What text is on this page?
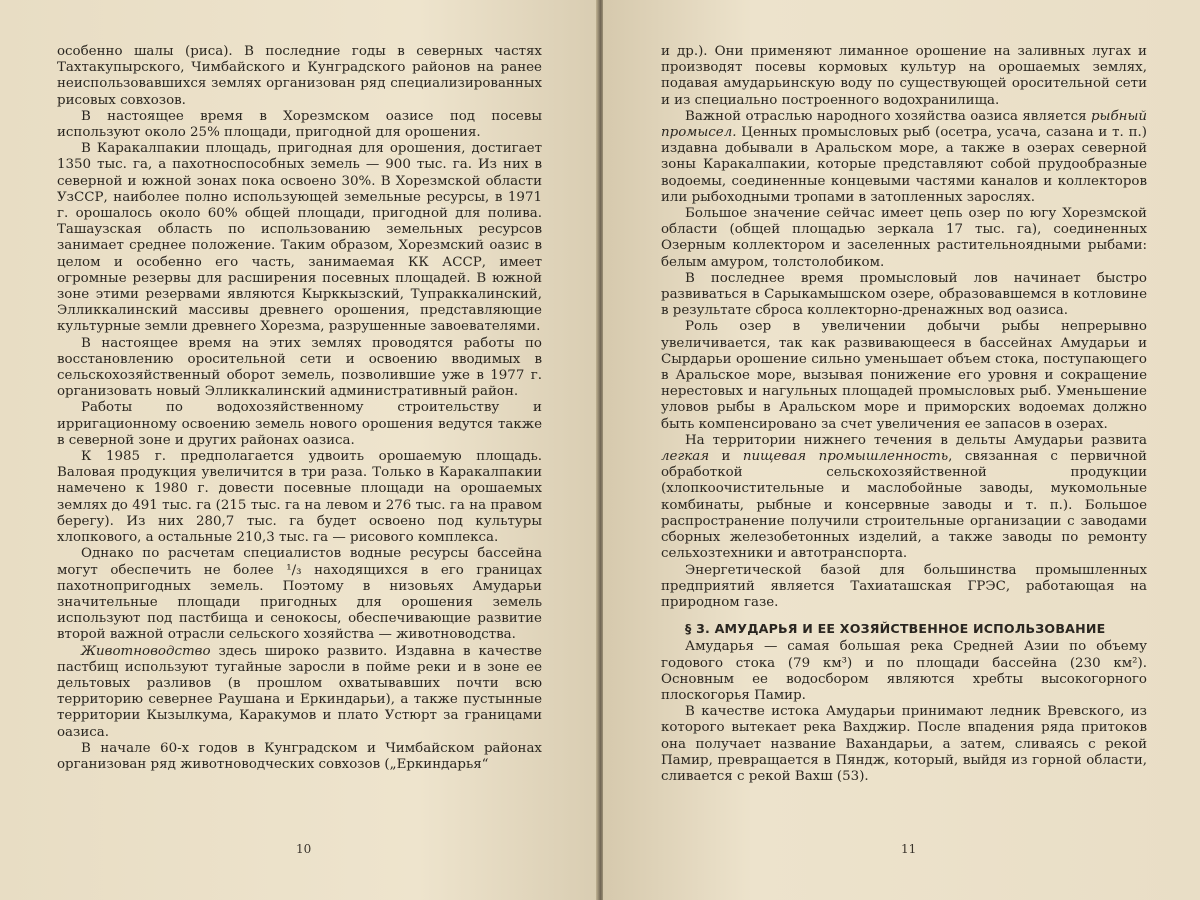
особенно шалы (риса). В последние годы в северных частях Тахтакупырского, Чимбайского и Кунградского районов на ранее неиспользовавшихся землях организован ряд специализированных рисовых совхозов.

В настоящее время в Хорезмском оазисе под посевы используют около 25% площади, пригодной для орошения.

В Каракалпакии площадь, пригодная для орошения, достигает 1350 тыс. га, а пахотноспособных земель — 900 тыс. га. Из них в северной и южной зонах пока освоено 30%. В Хорезмской области УзССР, наиболее полно использующей земельные ресурсы, в 1971 г. орошалось около 60% общей площади, пригодной для полива. Ташаузская область по использованию земельных ресурсов занимает среднее положение. Таким образом, Хорезмский оазис в целом и особенно его часть, занимаемая КК АССР, имеет огромные резервы для расширения посевных площадей. В южной зоне этими резервами являются Кырккызский, Тупраккалинский, Элликкалинский массивы древнего орошения, представляющие культурные земли древнего Хорезма, разрушенные завоевателями.

В настоящее время на этих землях проводятся работы по восстановлению оросительной сети и освоению вводимых в сельскохозяйственный оборот земель, позволившие уже в 1977 г. организовать новый Элликкалинский административный район.

Работы по водохозяйственному строительству и ирригационному освоению земель нового орошения ведутся также в северной зоне и других районах оазиса.

К 1985 г. предполагается удвоить орошаемую площадь. Валовая продукция увеличится в три раза. Только в Каракалпакии намечено к 1980 г. довести посевные площади на орошаемых землях до 491 тыс. га (215 тыс. га на левом и 276 тыс. га на правом берегу). Из них 280,7 тыс. га будет освоено под культуры хлопкового, а остальные 210,3 тыс. га — рисового комплекса.

Однако по расчетам специалистов водные ресурсы бассейна могут обеспечить не более ¹/₃ находящихся в его границах пахотнопригодных земель. Поэтому в низовьях Амударьи значительные площади пригодных для орошения земель используют под пастбища и сенокосы, обеспечивающие развитие второй важной отрасли сельского хозяйства — животноводства.

Животноводство здесь широко развито. Издавна в качестве пастбищ используют тугайные заросли в пойме реки и в зоне ее дельтовых разливов (в прошлом охватывавших почти всю территорию севернее Раушана и Еркиндарьи), а также пустынные территории Кызылкума, Каракумов и плато Устюрт за границами оазиса.

В начале 60-х годов в Кунградском и Чимбайском районах организован ряд животноводческих совхозов („Еркиндарья“

10

и др.). Они применяют лиманное орошение на заливных лугах и производят посевы кормовых культур на орошаемых землях, подавая амударьинскую воду по существующей оросительной сети и из специально построенного водохранилища.

Важной отраслью народного хозяйства оазиса является рыбный промысел. Ценных промысловых рыб (осетра, усача, сазана и т. п.) издавна добывали в Аральском море, а также в озерах северной зоны Каракалпакии, которые представляют собой прудообразные водоемы, соединенные концевыми частями каналов и коллекторов или рыбоходными тропами в затопленных зарослях.

Большое значение сейчас имеет цепь озер по югу Хорезмской области (общей площадью зеркала 17 тыс. га), соединенных Озерным коллектором и заселенных растительноядными рыбами: белым амуром, толстолобиком.

В последнее время промысловый лов начинает быстро развиваться в Сарыкамышском озере, образовавшемся в котловине в результате сброса коллекторно-дренажных вод оазиса.

Роль озер в увеличении добычи рыбы непрерывно увеличивается, так как развивающееся в бассейнах Амударьи и Сырдарьи орошение сильно уменьшает объем стока, поступающего в Аральское море, вызывая понижение его уровня и сокращение нерестовых и нагульных площадей промысловых рыб. Уменьшение уловов рыбы в Аральском море и приморских водоемах должно быть компенсировано за счет увеличения ее запасов в озерах.

На территории нижнего течения в дельты Амударьи развита легкая и пищевая промышленность, связанная с первичной обработкой сельскохозяйственной продукции (хлопкоочистительные и маслобойные заводы, мукомольные комбинаты, рыбные и консервные заводы и т. п.). Большое распространение получили строительные организации с заводами сборных железобетонных изделий, а также заводы по ремонту сельхозтехники и автотранспорта.

Энергетической базой для большинства промышленных предприятий является Тахиаташская ГРЭС, работающая на природном газе.

§ 3. АМУДАРЬЯ И ЕЕ ХОЗЯЙСТВЕННОЕ ИСПОЛЬЗОВАНИЕ

Амударья — самая большая река Средней Азии по объему годового стока (79 км³) и по площади бассейна (230 км²). Основным ее водосбором являются хребты высокогорного плоскогорья Памир.

В качестве истока Амударьи принимают ледник Вревского, из которого вытекает река Вахджир. После впадения ряда притоков она получает название Вахандарьи, а затем, сливаясь с рекой Памир, превращается в Пяндж, который, выйдя из горной области, сливается с рекой Вахш (53).

11
